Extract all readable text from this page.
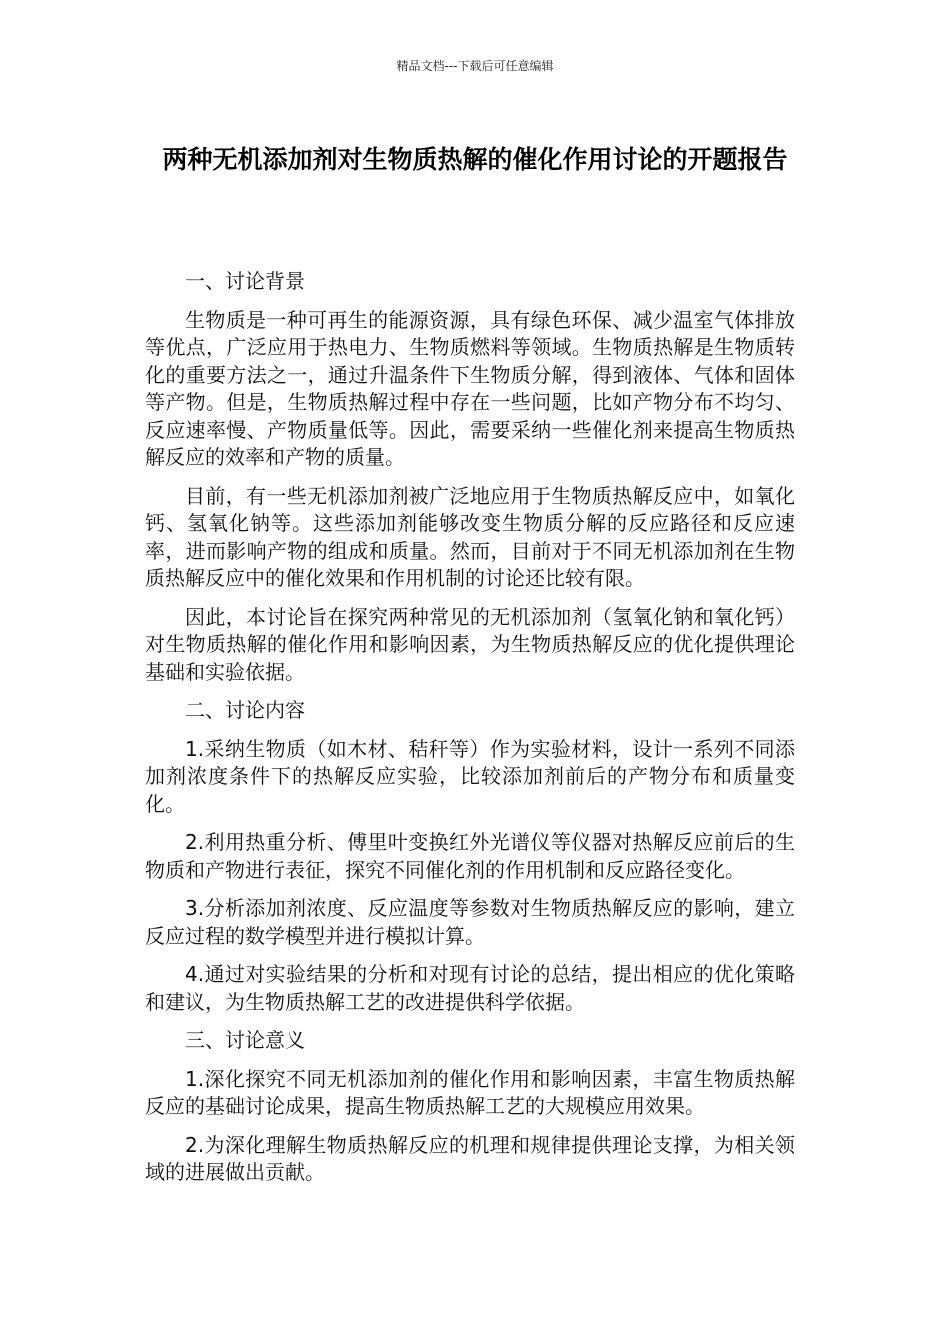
精品文档---下载后可任意编辑
两种无机添加剂对生物质热解的催化作用讨论的开题报告

一、讨论背景

生物质是一种可再生的能源资源，具有绿色环保、减少温室气体排放等优点，广泛应用于热电力、生物质燃料等领域。生物质热解是生物质转化的重要方法之一，通过升温条件下生物质分解，得到液体、气体和固体等产物。但是，生物质热解过程中存在一些问题，比如产物分布不均匀、反应速率慢、产物质量低等。因此，需要采纳一些催化剂来提高生物质热解反应的效率和产物的质量。

目前，有一些无机添加剂被广泛地应用于生物质热解反应中，如氧化钙、氢氧化钠等。这些添加剂能够改变生物质分解的反应路径和反应速率，进而影响产物的组成和质量。然而，目前对于不同无机添加剂在生物质热解反应中的催化效果和作用机制的讨论还比较有限。

因此，本讨论旨在探究两种常见的无机添加剂（氢氧化钠和氧化钙）对生物质热解的催化作用和影响因素，为生物质热解反应的优化提供理论基础和实验依据。

二、讨论内容

1.采纳生物质（如木材、秸秆等）作为实验材料，设计一系列不同添加剂浓度条件下的热解反应实验，比较添加剂前后的产物分布和质量变化。

2.利用热重分析、傅里叶变换红外光谱仪等仪器对热解反应前后的生物质和产物进行表征，探究不同催化剂的作用机制和反应路径变化。

3.分析添加剂浓度、反应温度等参数对生物质热解反应的影响，建立反应过程的数学模型并进行模拟计算。

4.通过对实验结果的分析和对现有讨论的总结，提出相应的优化策略和建议，为生物质热解工艺的改进提供科学依据。

三、讨论意义

1.深化探究不同无机添加剂的催化作用和影响因素，丰富生物质热解反应的基础讨论成果，提高生物质热解工艺的大规模应用效果。

2.为深化理解生物质热解反应的机理和规律提供理论支撑，为相关领域的进展做出贡献。
